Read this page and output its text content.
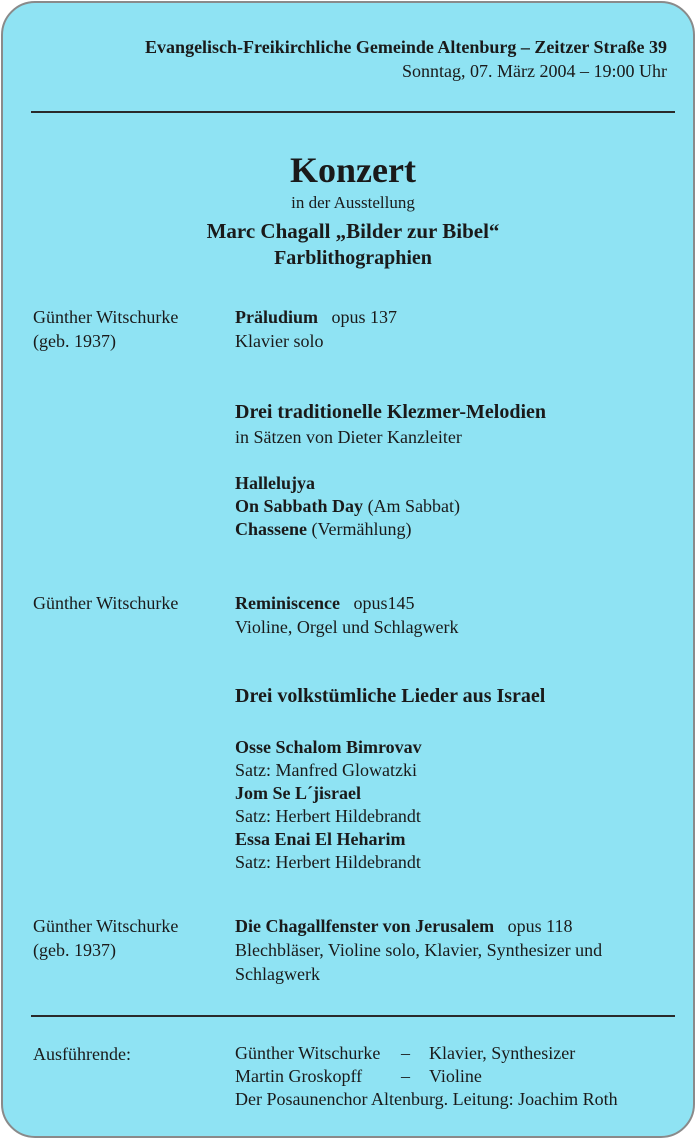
Evangelisch-Freikirchliche Gemeinde Altenburg – Zeitzer Straße 39
Sonntag, 07. März 2004 – 19:00 Uhr
Konzert
in der Ausstellung
Marc Chagall „Bilder zur Bibel“
Farblithographien
Günther Witschurke
(geb. 1937)
Präludium opus 137
Klavier solo
Drei traditionelle Klezmer-Melodien
in Sätzen von Dieter Kanzleiter
Hallelujya
On Sabbath Day (Am Sabbat)
Chassene (Vermählung)
Günther Witschurke	Reminiscence opus145
Violine, Orgel und Schlagwerk
Drei volkstümliche Lieder aus Israel
Osse Schalom Bimrovav
Satz: Manfred Glowatzki
Jom Se L´jisrael
Satz: Herbert Hildebrandt
Essa Enai El Heharim
Satz: Herbert Hildebrandt
Günther Witschurke
(geb. 1937)
Die Chagallfenster von Jerusalem opus 118
Blechbläser, Violine solo, Klavier, Synthesizer und Schlagwerk
Ausführende:	Günther Witschurke – Klavier, Synthesizer
Martin Groskopff – Violine
Der Posaunenchor Altenburg. Leitung: Joachim Roth
